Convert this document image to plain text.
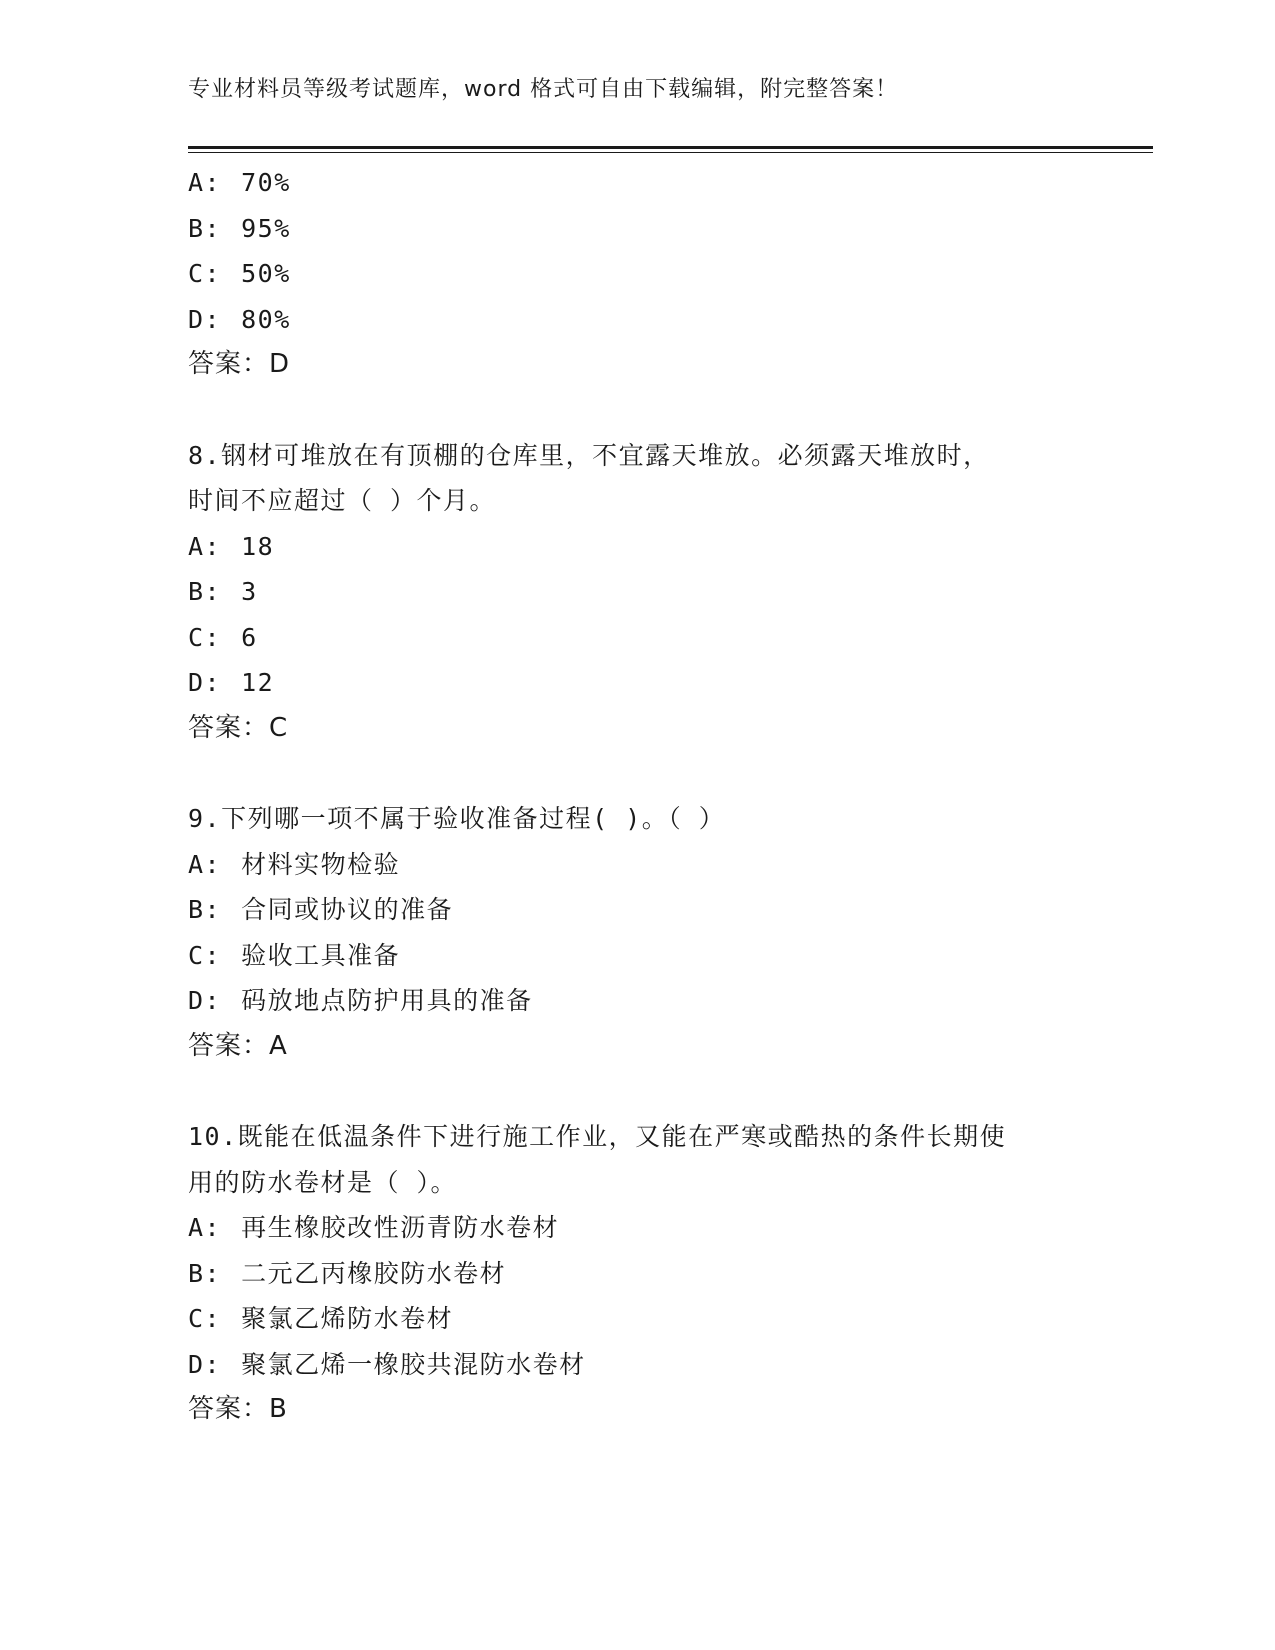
专业材料员等级考试题库，word 格式可自由下载编辑，附完整答案！
A: 70%
B: 95%
C: 50%
D: 80%
答案：D
8.钢材可堆放在有顶棚的仓库里，不宜露天堆放。必须露天堆放时，
时间不应超过（ ）个月。
A: 18
B: 3
C: 6
D: 12
答案：C
9.下列哪一项不属于验收准备过程( )。（ ）
A: 材料实物检验
B: 合同或协议的准备
C: 验收工具准备
D: 码放地点防护用具的准备
答案：A
10.既能在低温条件下进行施工作业，又能在严寒或酷热的条件长期使
用的防水卷材是（ ）。
A: 再生橡胶改性沥青防水卷材
B: 二元乙丙橡胶防水卷材
C: 聚氯乙烯防水卷材
D: 聚氯乙烯一橡胶共混防水卷材
答案：B
